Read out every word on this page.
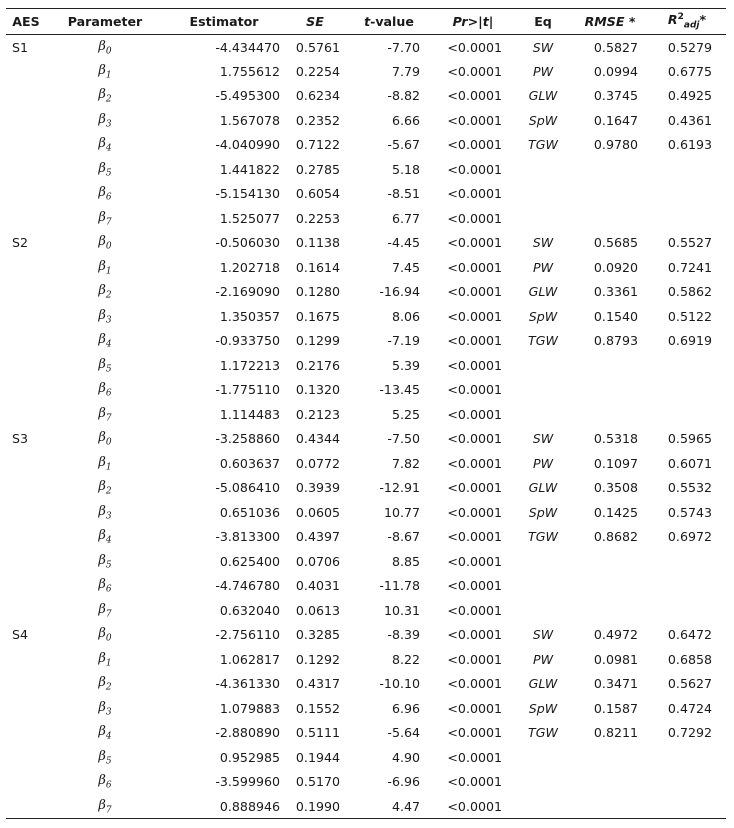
AES	Parameter	Estimator	SE	t-value	Pr>|t|	Eq	RMSE *	$R^2_{adj}*$
S1	$\beta_0$	-4.434470	0.5761	-7.70	<0.0001	SW	0.5827	0.5279
	$\beta_1$	1.755612	0.2254	7.79	<0.0001	PW	0.0994	0.6775
	$\beta_2$	-5.495300	0.6234	-8.82	<0.0001	GLW	0.3745	0.4925
	$\beta_3$	1.567078	0.2352	6.66	<0.0001	SpW	0.1647	0.4361
	$\beta_4$	-4.040990	0.7122	-5.67	<0.0001	TGW	0.9780	0.6193
	$\beta_5$	1.441822	0.2785	5.18	<0.0001			
	$\beta_6$	-5.154130	0.6054	-8.51	<0.0001			
	$\beta_7$	1.525077	0.2253	6.77	<0.0001			
S2	$\beta_0$	-0.506030	0.1138	-4.45	<0.0001	SW	0.5685	0.5527
	$\beta_1$	1.202718	0.1614	7.45	<0.0001	PW	0.0920	0.7241
	$\beta_2$	-2.169090	0.1280	-16.94	<0.0001	GLW	0.3361	0.5862
	$\beta_3$	1.350357	0.1675	8.06	<0.0001	SpW	0.1540	0.5122
	$\beta_4$	-0.933750	0.1299	-7.19	<0.0001	TGW	0.8793	0.6919
	$\beta_5$	1.172213	0.2176	5.39	<0.0001			
	$\beta_6$	-1.775110	0.1320	-13.45	<0.0001			
	$\beta_7$	1.114483	0.2123	5.25	<0.0001			
S3	$\beta_0$	-3.258860	0.4344	-7.50	<0.0001	SW	0.5318	0.5965
	$\beta_1$	0.603637	0.0772	7.82	<0.0001	PW	0.1097	0.6071
	$\beta_2$	-5.086410	0.3939	-12.91	<0.0001	GLW	0.3508	0.5532
	$\beta_3$	0.651036	0.0605	10.77	<0.0001	SpW	0.1425	0.5743
	$\beta_4$	-3.813300	0.4397	-8.67	<0.0001	TGW	0.8682	0.6972
	$\beta_5$	0.625400	0.0706	8.85	<0.0001			
	$\beta_6$	-4.746780	0.4031	-11.78	<0.0001			
	$\beta_7$	0.632040	0.0613	10.31	<0.0001			
S4	$\beta_0$	-2.756110	0.3285	-8.39	<0.0001	SW	0.4972	0.6472
	$\beta_1$	1.062817	0.1292	8.22	<0.0001	PW	0.0981	0.6858
	$\beta_2$	-4.361330	0.4317	-10.10	<0.0001	GLW	0.3471	0.5627
	$\beta_3$	1.079883	0.1552	6.96	<0.0001	SpW	0.1587	0.4724
	$\beta_4$	-2.880890	0.5111	-5.64	<0.0001	TGW	0.8211	0.7292
	$\beta_5$	0.952985	0.1944	4.90	<0.0001			
	$\beta_6$	-3.599960	0.5170	-6.96	<0.0001			
	$\beta_7$	0.888946	0.1990	4.47	<0.0001			
